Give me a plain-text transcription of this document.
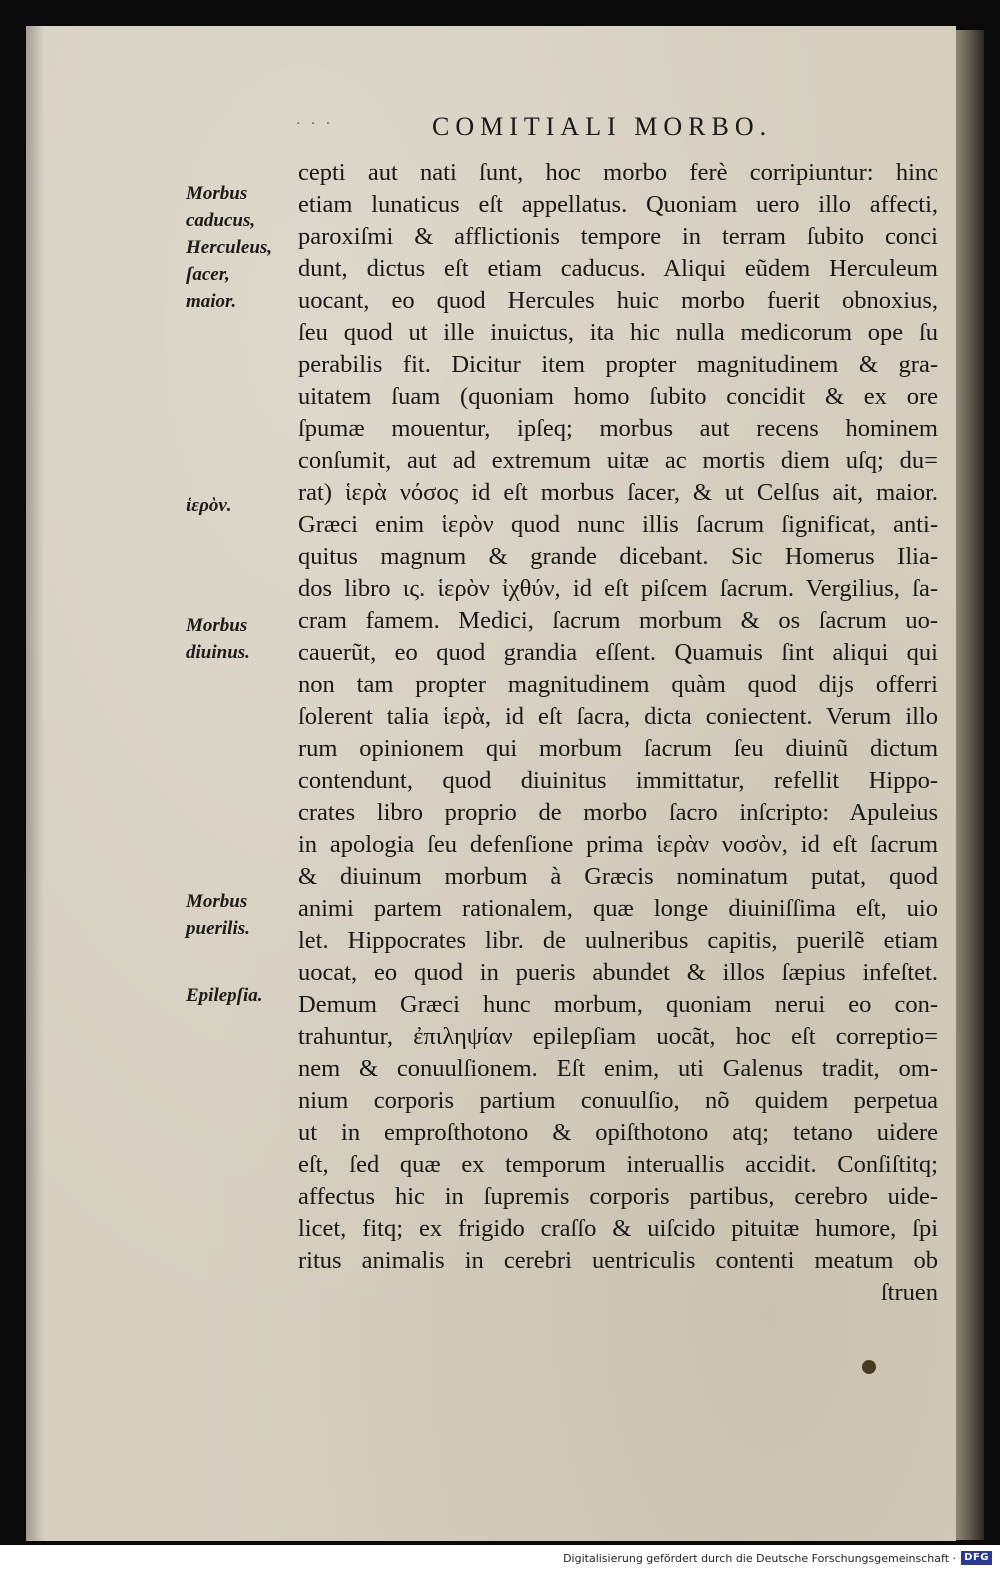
· · ·	COMITIALI MORBO.
Morbus
caducus,
Herculeus,
ſacer,
maior.
ἱερὸν.
Morbus
diuinus.
Morbus
puerilis.
Epilepſia.
cepti aut nati ſunt, hoc morbo ferè corripiuntur: hinc
etiam lunaticus eſt appellatus. Quoniam uero illo affecti,
paroxiſmi & afflictionis tempore in terram ſubito conci
dunt, dictus eſt etiam caducus. Aliqui eũdem Herculeum
uocant, eo quod Hercules huic morbo fuerit obnoxius,
ſeu quod ut ille inuictus, ita hic nulla medicorum ope ſu
perabilis fit. Dicitur item propter magnitudinem & gra-
uitatem ſuam (quoniam homo ſubito concidit & ex ore
ſpumæ mouentur, ipſeq; morbus aut recens hominem
conſumit, aut ad extremum uitæ ac mortis diem uſq; du=
rat) ἱερὰ νόσος id eſt morbus ſacer, & ut Celſus ait, maior.
Græci enim ἱερὸν quod nunc illis ſacrum ſignificat, anti-
quitus magnum & grande dicebant. Sic Homerus Ilia-
dos libro ις. ἱερὸν ἰχθύν, id eſt piſcem ſacrum. Vergilius, ſa-
cram famem. Medici, ſacrum morbum & os ſacrum uo-
cauerũt, eo quod grandia eſſent. Quamuis ſint aliqui qui
non tam propter magnitudinem quàm quod dijs offerri
ſolerent talia ἱερὰ, id eſt ſacra, dicta coniectent. Verum illo
rum opinionem qui morbum ſacrum ſeu diuinũ dictum
contendunt, quod diuinitus immittatur, refellit Hippo-
crates libro proprio de morbo ſacro inſcripto: Apuleius
in apologia ſeu defenſione prima ἱερὰν νοσὸν, id eſt ſacrum
& diuinum morbum à Græcis nominatum putat, quod
animi partem rationalem, quæ longe diuiniſſima eſt, uio
let. Hippocrates libr. de uulneribus capitis, puerilẽ etiam
uocat, eo quod in pueris abundet & illos ſæpius infeſtet.
Demum Græci hunc morbum, quoniam nerui eo con-
trahuntur, ἐπιληψίαν epilepſiam uocãt, hoc eſt correptio=
nem & conuulſionem. Eſt enim, uti Galenus tradit, om-
nium corporis partium conuulſio, nõ quidem perpetua
ut in emproſthotono & opiſthotono atq; tetano uidere
eſt, ſed quæ ex temporum interuallis accidit. Conſiſtitq;
affectus hic in ſupremis corporis partibus, cerebro uide-
licet, fitq; ex frigido craſſo & uiſcido pituitæ humore, ſpi
ritus animalis in cerebri uentriculis contenti meatum ob
ſtruen
Digitalisierung gefördert durch die Deutsche Forschungsgemeinschaft · DFG
